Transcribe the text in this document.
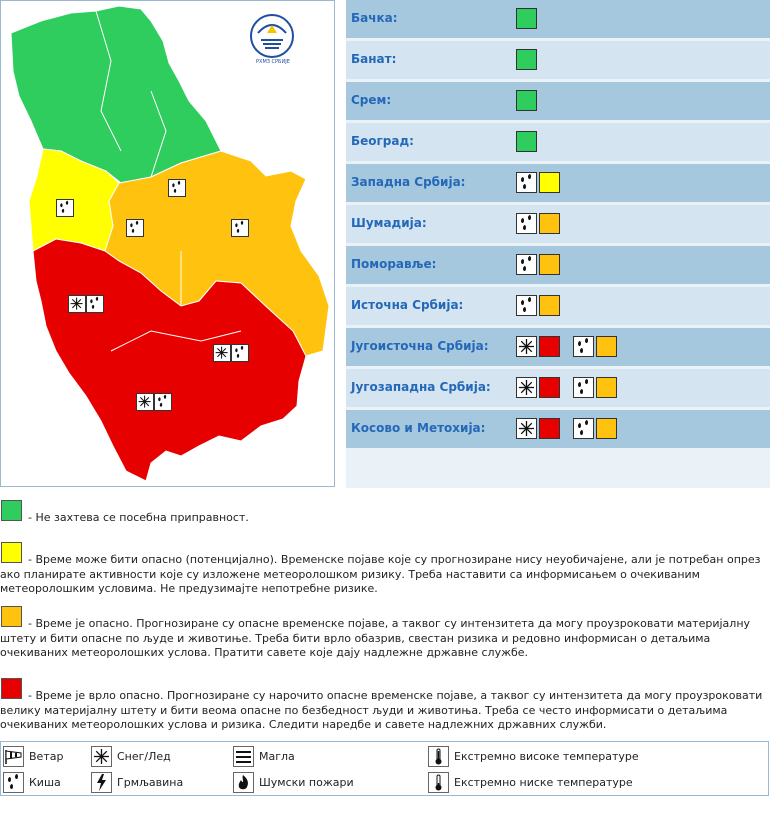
РХМЗ СРБИЈЕ
Бачка:
Банат:
Срем:
Београд:
Западна Србија:
Шумадија:
Поморавље:
Источна Србија:
Југоисточна Србија:
Југозападна Србија:
Косово и Метохија:
- Не захтева се посебна приправност.
- Време може бити опасно (потенцијално). Временске појаве које су прогнозиране нису неуобичајене, али је потребан опрез ако планирате активности које су изложене метеоролошком ризику. Треба наставити са информисањем о очекиваним метеоролошким условима. Не предузимајте непотребне ризике.
- Време је опасно. Прогнозиране су опасне временске појаве, а таквог су интензитета да могу проузроковати материјалну штету и бити опасне по људе и животиње. Треба бити врло обазрив, свестан ризика и редовно информисан о детаљима очекиваних метеоролошких услова. Пратити савете које дају надлежне државне службе.
- Време је врло опасно. Прогнозиране су нарочито опасне временске појаве, а таквог су интензитета да могу проузроковати велику материјалну штету и бити веома опасне по безбедност људи и животиња. Треба се често информисати о детаљима очекиваних метеоролошких услова и ризика. Следити наредбе и савете надлежних државних служби.
Ветар
Киша
Снег/Лед
Грмљавина
Магла
Шумски пожари
Екстремно високе температуре
Екстремно ниске температуре
